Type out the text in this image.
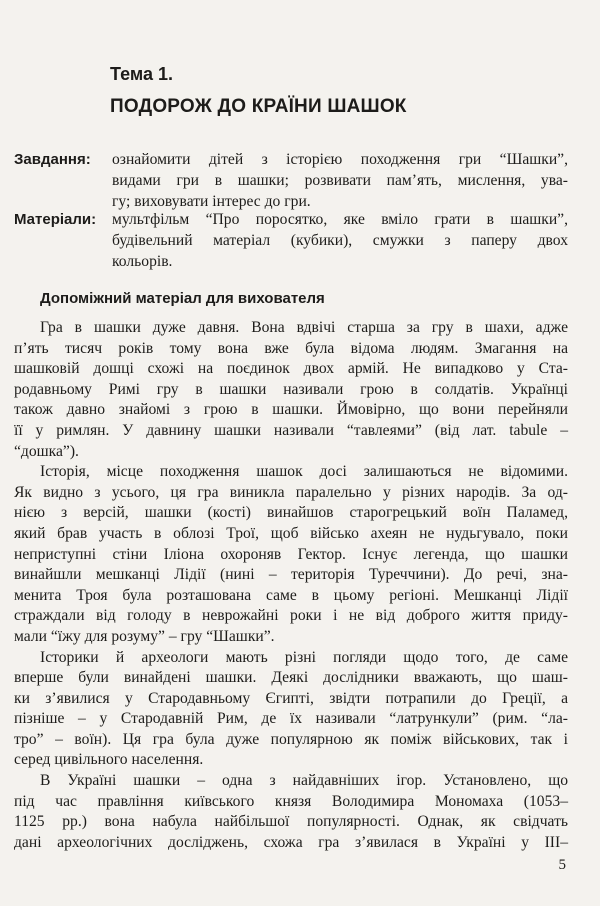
Тема 1.
ПОДОРОЖ ДО КРАЇНИ ШАШОК
Завдання: ознайомити дітей з історією походження гри “Шашки”,
видами гри в шашки; розвивати пам’ять, мислення, ува-
гу; виховувати інтерес до гри.
Матеріали: мультфільм “Про поросятко, яке вміло грати в шашки”,
будівельний матеріал (кубики), смужки з паперу двох
кольорів.
Допоміжний матеріал для вихователя
Гра в шашки дуже давня. Вона вдвічі старша за гру в шахи, адже
п’ять тисяч років тому вона вже була відома людям. Змагання на
шашковій дошці схожі на поєдинок двох армій. Не випадково у Ста-
родавньому Римі гру в шашки називали грою в солдатів. Українці
також давно знайомі з грою в шашки. Ймовірно, що вони перейняли
її у римлян. У давнину шашки називали “тавлеями” (від лат. tabule –
“дошка”).
Історія, місце походження шашок досі залишаються не відомими.
Як видно з усього, ця гра виникла паралельно у різних народів. За од-
нією з версій, шашки (кості) винайшов старогрецький воїн Паламед,
який брав участь в облозі Трої, щоб військо ахеян не нудьгувало, поки
неприступні стіни Іліона охороняв Гектор. Існує легенда, що шашки
винайшли мешканці Лідії (нині – територія Туреччини). До речі, зна-
менита Троя була розташована саме в цьому регіоні. Мешканці Лідії
страждали від голоду в неврожайні роки і не від доброго життя приду-
мали “їжу для розуму” – гру “Шашки”.
Історики й археологи мають різні погляди щодо того, де саме
вперше були винайдені шашки. Деякі дослідники вважають, що шаш-
ки з’явилися у Стародавньому Єгипті, звідти потрапили до Греції, а
пізніше – у Стародавній Рим, де їх називали “латрункули” (рим. “ла-
тро” – воїн). Ця гра була дуже популярною як поміж військових, так і
серед цивільного населення.
В Україні шашки – одна з найдавніших ігор. Установлено, що
під час правління київського князя Володимира Мономаха (1053–
1125 рр.) вона набула найбільшої популярності. Однак, як свідчать
дані археологічних досліджень, схожа гра з’явилася в Україні у ІІІ–
5
